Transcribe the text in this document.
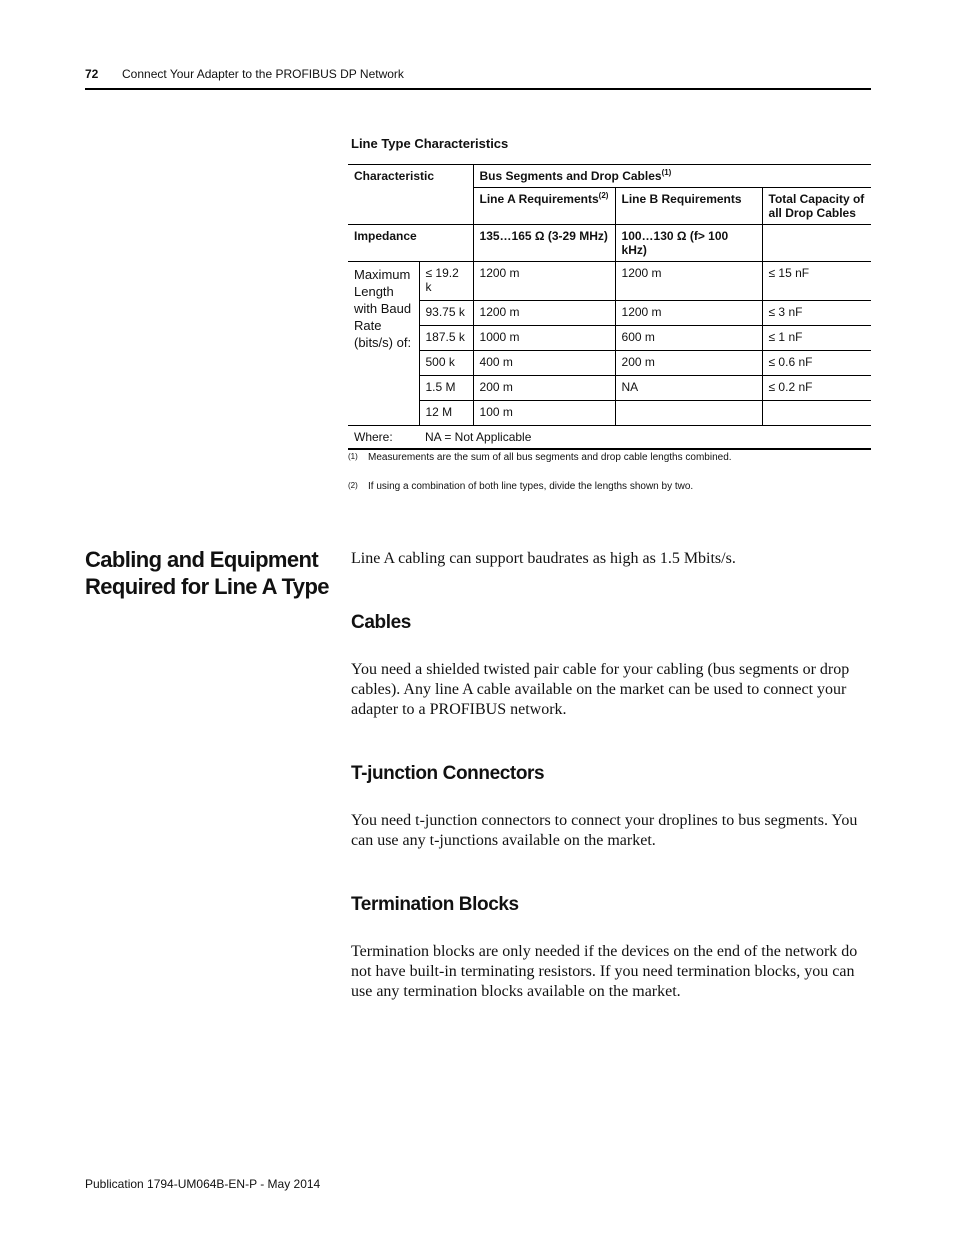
72 Connect Your Adapter to the PROFIBUS DP Network
Line Type Characteristics
Characteristic		Bus Segments and Drop Cables$^{(1)}$
		Line A Requirements$^{(2)}$	Line B Requirements	Total Capacity of all Drop Cables
Impedance		135…165 Ω (3-29 MHz)	100…130 Ω (f> 100 kHz)	
Maximum Length with Baud Rate (bits/s) of:	≤ 19.2 k	1200 m	1200 m	≤ 15 nF
	93.75 k	1200 m	1200 m	≤ 3 nF
	187.5 k	1000 m	600 m	≤ 1 nF
	500 k	400 m	200 m	≤ 0.6 nF
	1.5 M	200 m	NA	≤ 0.2 nF
	12 M	100 m		
Where:	NA = Not Applicable			
(1) Measurements are the sum of all bus segments and drop cable lengths combined.
(2) If using a combination of both line types, divide the lengths shown by two.
Cabling and Equipment Required for Line A Type
Line A cabling can support baudrates as high as 1.5 Mbits/s.
Cables
You need a shielded twisted pair cable for your cabling (bus segments or drop cables). Any line A cable available on the market can be used to connect your adapter to a PROFIBUS network.
T-junction Connectors
You need t-junction connectors to connect your droplines to bus segments. You can use any t-junctions available on the market.
Termination Blocks
Termination blocks are only needed if the devices on the end of the network do not have built-in terminating resistors. If you need termination blocks, you can use any termination blocks available on the market.
Publication 1794-UM064B-EN-P - May 2014
